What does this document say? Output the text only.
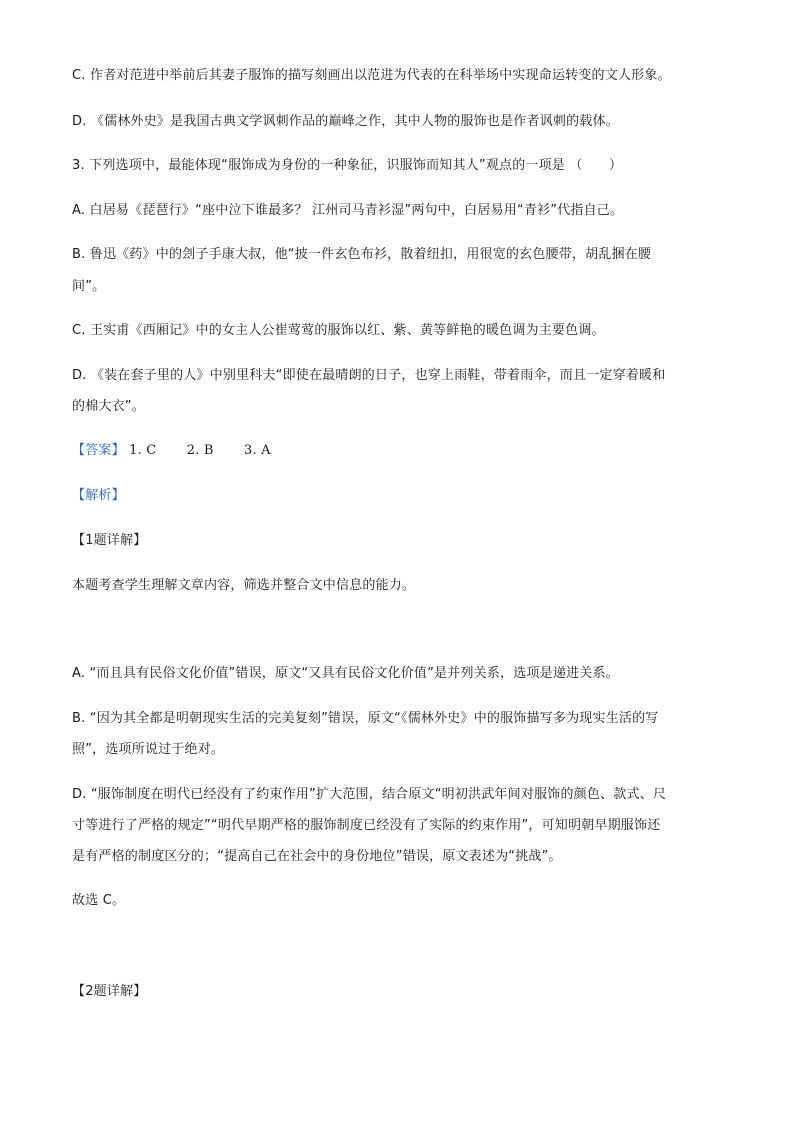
C. 作者对范进中举前后其妻子服饰的描写刻画出以范进为代表的在科举场中实现命运转变的文人形象。
D. 《儒林外史》是我国古典文学讽刺作品的巅峰之作，其中人物的服饰也是作者讽刺的载体。
3. 下列选项中，最能体现“服饰成为身份的一种象征，识服饰而知其人”观点的一项是 （　　）
A. 白居易《琵琶行》“座中泣下谁最多？ 江州司马青衫湿”两句中，白居易用“青衫”代指自己。
B. 鲁迅《药》中的刽子手康大叔，他“披一件玄色布衫，散着纽扣，用很宽的玄色腰带，胡乱捆在腰
间”。
C. 王实甫《西厢记》中的女主人公崔莺莺的服饰以红、紫、黄等鲜艳的暖色调为主要色调。
D. 《装在套子里的人》中别里科夫“即使在最晴朗的日子，也穿上雨鞋，带着雨伞，而且一定穿着暖和
的棉大衣”。
【答案】 1. C 2. B 3. A
【解析】
【1题详解】
本题考查学生理解文章内容，筛选并整合文中信息的能力。
A. “而且具有民俗文化价值”错误，原文“又具有民俗文化价值”是并列关系，选项是递进关系。
B. “因为其全都是明朝现实生活的完美复刻”错误，原文“《儒林外史》中的服饰描写多为现实生活的写
照”，选项所说过于绝对。
D. “服饰制度在明代已经没有了约束作用”扩大范围，结合原文“明初洪武年间对服饰的颜色、款式、尺
寸等进行了严格的规定”“明代早期严格的服饰制度已经没有了实际的约束作用”，可知明朝早期服饰还
是有严格的制度区分的；“提高自己在社会中的身份地位”错误，原文表述为“挑战”。
故选 C。
【2题详解】
